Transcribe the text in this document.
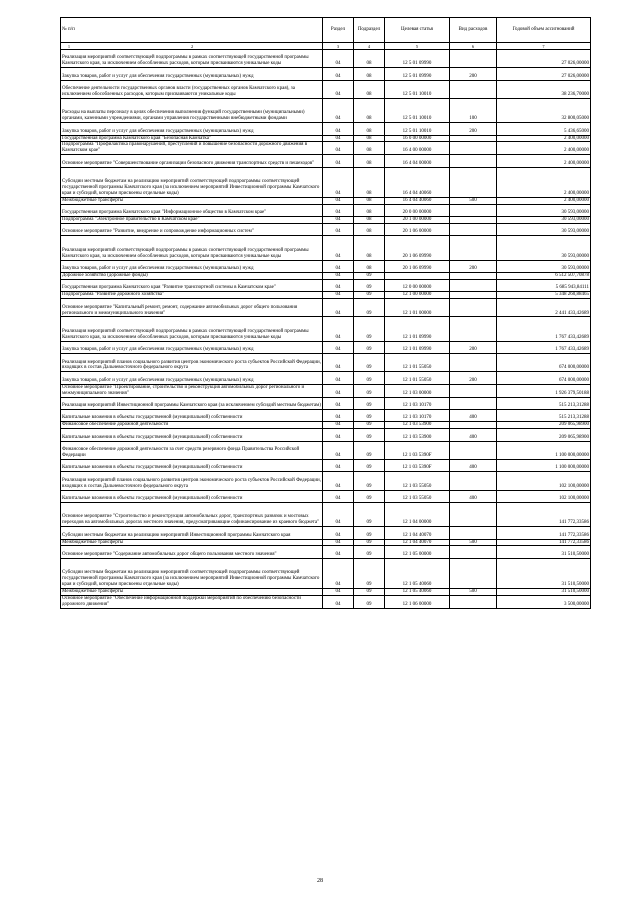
№ п/п	Раздел	Подраздел	Целевая статья	Вид расходов	Годовой объем ассигнований
1 2	3	4	5	6	7
Реализация мероприятий соответствующей подпрограммы в рамках соответствующей государственной программы Камчатского края, за исключением обособленных расходов, которым присваиваются уникальные коды	04	08	12 5 01 09990		27 026,00000
Закупка товаров, работ и услуг для обеспечения государственных (муниципальных) нужд	04	08	12 5 01 09990	200	27 026,00000
Обеспечение деятельности государственных органов власти (государственных органов Камчатского края), за исключением обособленных расходов, которым присваиваются уникальные коды	04	08	12 5 01 10010		38 236,70000
Расходы на выплаты персоналу в целях обеспечения выполнения функций государственными (муниципальными) органами, казенными учреждениями, органами управления государственными внебюджетными фондами	04	08	12 5 01 10010	100	32 800,05000
Закупка товаров, работ и услуг для обеспечения государственных (муниципальных) нужд	04	08	12 5 01 10010	200	5 436,65000
Государственная программа Камчатского края "Безопасная Камчатка"	04	08	16 0 00 00000		2 400,00000
Подпрограмма "Профилактика правонарушений, преступлений и повышение безопасности дорожного движения в Камчатском крае"	04	08	16 4 00 00000		2 400,00000
Основное мероприятие "Совершенствование организации безопасного движения транспортных средств и пешеходов"	04	08	16 4 04 00000		2 400,00000
Субсидии местным бюджетам на реализацию мероприятий соответствующей подпрограммы соответствующей государственной программы Камчатского края (за исключением мероприятий Инвестиционной программы Камчатского края и субсидий, которым присвоены отдельные коды)	04	08	16 4 04 40060		2 400,00000
Межбюджетные трансферты	04	08	16 4 04 40060	500	2 400,00000
Государственная программа Камчатского края "Информационное общество в Камчатском крае"	04	08	20 0 00 00000		30 593,00000
Подпрограмма "Электронное правительство в Камчатском крае"	04	08	20 1 00 00000		30 593,00000
Основное мероприятие "Развитие, внедрение и сопровождение информационных систем"	04	08	20 1 06 00000		30 593,00000
Реализация мероприятий соответствующей подпрограммы в рамках соответствующей государственной программы Камчатского края, за исключением обособленных расходов, которым присваиваются уникальные коды	04	08	20 1 06 09990		30 593,00000
Закупка товаров, работ и услуг для обеспечения государственных (муниципальных) нужд	04	08	20 1 06 09990	200	30 593,00000
Дорожное хозяйство (дорожные фонды)	04	09			6 512 507,70878
Государственная программа Камчатского края "Развитие транспортной системы в Камчатском крае"	04	09	12 0 00 00000		5 685 943,84111
Подпрограмма "Развитие дорожного хозяйства"	04	09	12 1 00 00000		5 348 260,88465
Основное мероприятие "Капитальный ремонт, ремонт, содержание автомобильных дорог общего пользования регионального и межмуниципального значения"	04	09	12 1 01 00000		2 441 433,42689
Реализация мероприятий соответствующей подпрограммы в рамках соответствующей государственной программы Камчатского края, за исключением обособленных расходов, которым присваиваются уникальные коды	04	09	12 1 01 09990		1 767 433,42689
Закупка товаров, работ и услуг для обеспечения государственных (муниципальных) нужд	04	09	12 1 01 09990	200	1 767 433,42689
Реализация мероприятий планов социального развития центров экономического роста субъектов Российской Федерации, входящих в состав Дальневосточного федерального округа	04	09	12 1 01 55050		674 000,00000
Закупка товаров, работ и услуг для обеспечения государственных (муниципальных) нужд	04	09	12 1 01 55050	200	674 000,00000
Основное мероприятие "Проектирование, строительство и реконструкция автомобильных дорог регионального и межмуниципального значения"	04	09	12 1 03 00000		1 926 379,50188
Реализация мероприятий Инвестиционной программы Камчатского края (за исключением субсидий местным бюджетам)	04	09	12 1 03 10170		515 213,31288
Капитальные вложения в объекты государственной (муниципальной) собственности	04	09	12 1 03 10170	400	515 213,31288
Финансовое обеспечение дорожной деятельности	04	09	12 1 03 53900		209 065,98900
Капитальные вложения в объекты государственной (муниципальной) собственности	04	09	12 1 03 53900	400	209 065,98900
Финансовое обеспечение дорожной деятельности за счет средств резервного фонда Правительства Российской Федерации	04	09	12 1 03 5390F		1 100 000,00000
Капитальные вложения в объекты государственной (муниципальной) собственности	04	09	12 1 03 5390F	400	1 100 000,00000
Реализация мероприятий планов социального развития центров экономического роста субъектов Российской Федерации, входящих в состав Дальневосточного федерального округа	04	09	12 1 03 55050		102 100,00000
Капитальные вложения в объекты государственной (муниципальной) собственности	04	09	12 1 03 55050	400	102 100,00000
Основное мероприятие "Строительство и реконструкция автомобильных дорог, транспортных развязок и мостовых переходов на автомобильных дорогах местного значения, предусматривающие софинансирование из краевого бюджета"	04	09	12 1 04 00000		141 772,33586
Субсидии местным бюджетам на реализацию мероприятий Инвестиционной программы Камчатского края	04	09	12 1 04 40070		141 772,33586
Межбюджетные трансферты	04	09	12 1 04 40070	500	141 772,33586
Основное мероприятие "Содержание автомобильных дорог общего пользования местного значения"	04	09	12 1 05 00000		31 510,50000
Субсидии местным бюджетам на реализацию мероприятий соответствующей подпрограммы соответствующей государственной программы Камчатского края (за исключением мероприятий Инвестиционной программы Камчатского края и субсидий, которым присвоены отдельные коды)	04	09	12 1 05 40060		31 510,50000
Межбюджетные трансферты	04	09	12 1 05 40060	500	31 510,50000
Основное мероприятие "Обеспечение информационной поддержки мероприятий по обеспечению безопасности дорожного движения"	04	09	12 1 06 00000		3 500,00000
28
